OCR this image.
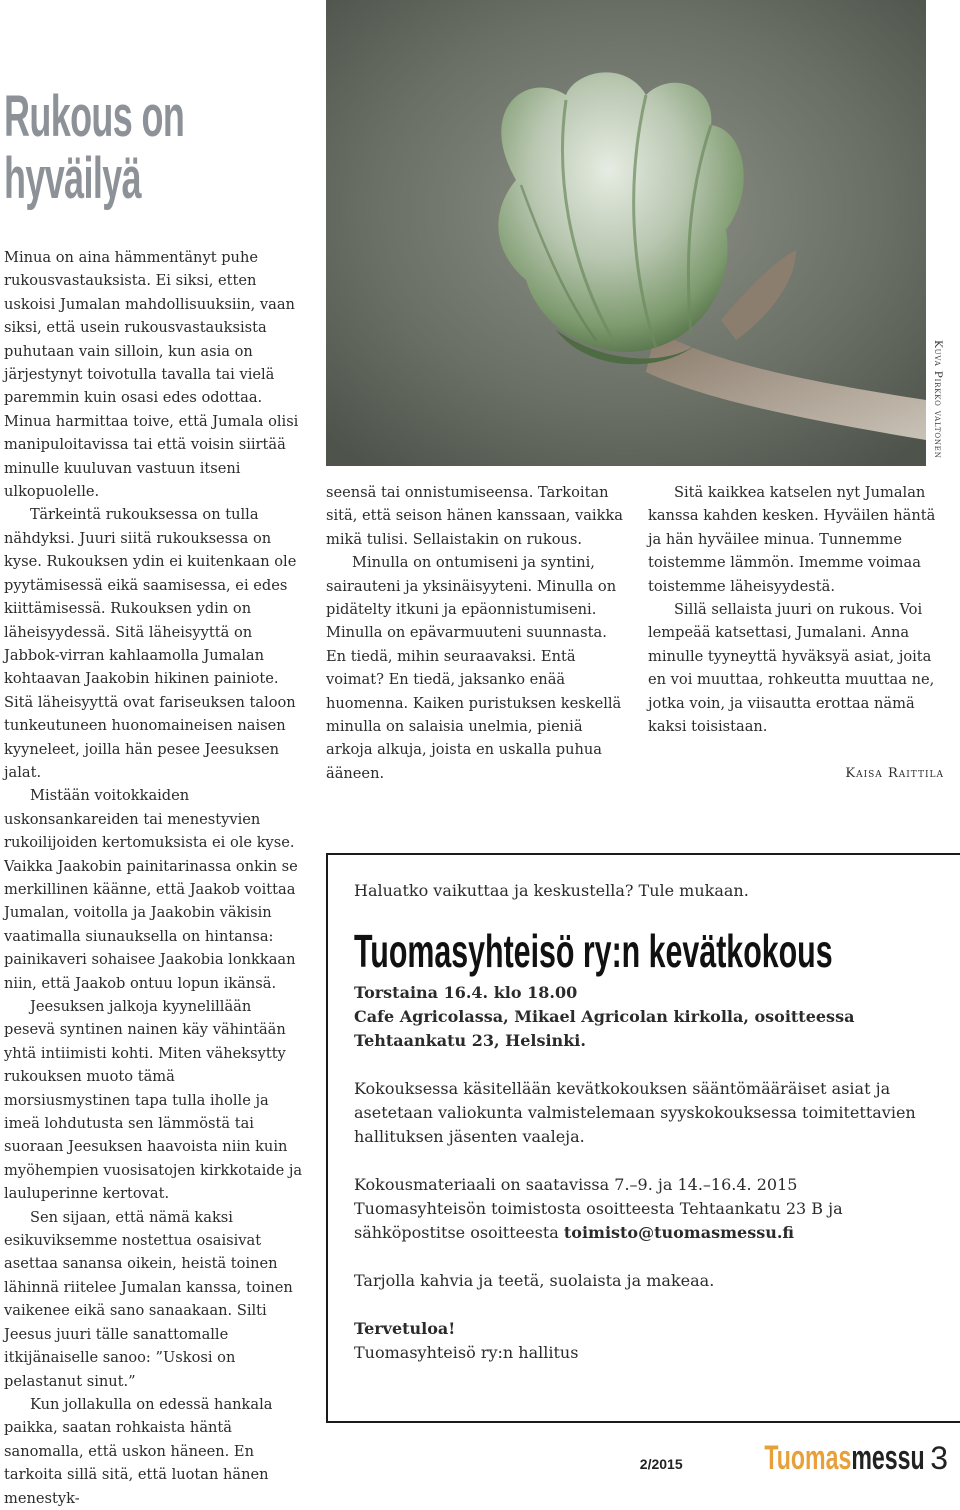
Rukous on
hyväilyä
Kuva Pirkko valtonen

Minua on aina hämmentänyt puhe rukousvastauksista. Ei siksi, etten uskoisi Jumalan mahdollisuuksiin, vaan siksi, että usein rukousvastauksista puhutaan vain silloin, kun asia on järjestynyt toivotulla tavalla tai vielä paremmin kuin osasi edes odottaa. Minua harmittaa toive, että Jumala olisi manipuloitavissa tai että voisin siirtää minulle kuuluvan vastuun itseni ulkopuolelle.

Tärkeintä rukouksessa on tulla nähdyksi. Juuri siitä rukouksessa on kyse. Rukouksen ydin ei kuitenkaan ole pyytämisessä eikä saamisessa, ei edes kiittämisessä. Rukouksen ydin on läheisyydessä. Sitä läheisyyttä on Jabbok-virran kahlaamolla Jumalan kohtaavan Jaakobin hikinen painiote. Sitä läheisyyttä ovat fariseuksen taloon tunkeutuneen huonomaineisen naisen kyyneleet, joilla hän pesee Jeesuksen jalat.

Mistään voitokkaiden uskonsankareiden tai menestyvien rukoilijoiden kertomuksista ei ole kyse. Vaikka Jaakobin painitarinassa onkin se merkillinen käänne, että Jaakob voittaa Jumalan, voitolla ja Jaakobin väkisin vaatimalla siunauksella on hintansa: painikaveri sohaisee Jaakobia lonkkaan niin, että Jaakob ontuu lopun ikänsä.

Jeesuksen jalkoja kyynelillään pesevä syntinen nainen käy vähintään yhtä intiimisti kohti. Miten väheksytty rukouksen muoto tämä morsiusmystinen tapa tulla iholle ja imeä lohdutusta sen lämmöstä tai suoraan Jeesuksen haavoista niin kuin myöhempien vuosisatojen kirkkotaide ja lauluperinne kertovat.

Sen sijaan, että nämä kaksi esikuviksemme nostettua osaisivat asettaa sanansa oikein, heistä toinen lähinnä riitelee Jumalan kanssa, toinen vaikenee eikä sano sanaakaan. Silti Jeesus juuri tälle sanattomalle itkijänaiselle sanoo: ”Uskosi on pelastanut sinut.”

Kun jollakulla on edessä hankala paikka, saatan rohkaista häntä sanomalla, että uskon häneen. En tarkoita sillä sitä, että luotan hänen menestyk-

seensä tai onnistumiseensa. Tarkoitan sitä, että seison hänen kanssaan, vaikka mikä tulisi. Sellaistakin on rukous.

Minulla on ontumiseni ja syntini, sairauteni ja yksinäisyyteni. Minulla on pidätelty itkuni ja epäonnistumiseni. Minulla on epävarmuuteni suunnasta. En tiedä, mihin seuraavaksi. Entä voimat? En tiedä, jaksanko enää huomenna. Kaiken puristuksen keskellä minulla on salaisia unelmia, pieniä arkoja alkuja, joista en uskalla puhua ääneen.

Sitä kaikkea katselen nyt Jumalan kanssa kahden kesken. Hyväilen häntä ja hän hyväilee minua. Tunnemme toistemme lämmön. Imemme voimaa toistemme läheisyydestä.

Sillä sellaista juuri on rukous. Voi lempeää katsettasi, Jumalani. Anna minulle tyyneyttä hyväksyä asiat, joita en voi muuttaa, rohkeutta muuttaa ne, jotka voin, ja viisautta erottaa nämä kaksi toisistaan.

Kaisa Raittila

Haluatko vaikuttaa ja keskustella? Tule mukaan.

Tuomasyhteisö ry:n kevätkokous

Torstaina 16.4. klo 18.00

Cafe Agricolassa, Mikael Agricolan kirkolla, osoitteessa

Tehtaankatu 23, Helsinki.

Kokouksessa käsitellään kevätkokouksen sääntömääräiset asiat ja asetetaan valiokunta valmistelemaan syyskokouksessa toimitettavien hallituksen jäsenten vaaleja.

Kokousmateriaali on saatavissa 7.–9. ja 14.–16.4. 2015 Tuomasyhteisön toimistosta osoitteesta Tehtaankatu 23 B ja sähköpostitse osoitteesta toimisto@tuomasmessu.fi

Tarjolla kahvia ja teetä, suolaista ja makeaa.

Tervetuloa!

Tuomasyhteisö ry:n hallitus

2/2015 Tuomasmessu 3
